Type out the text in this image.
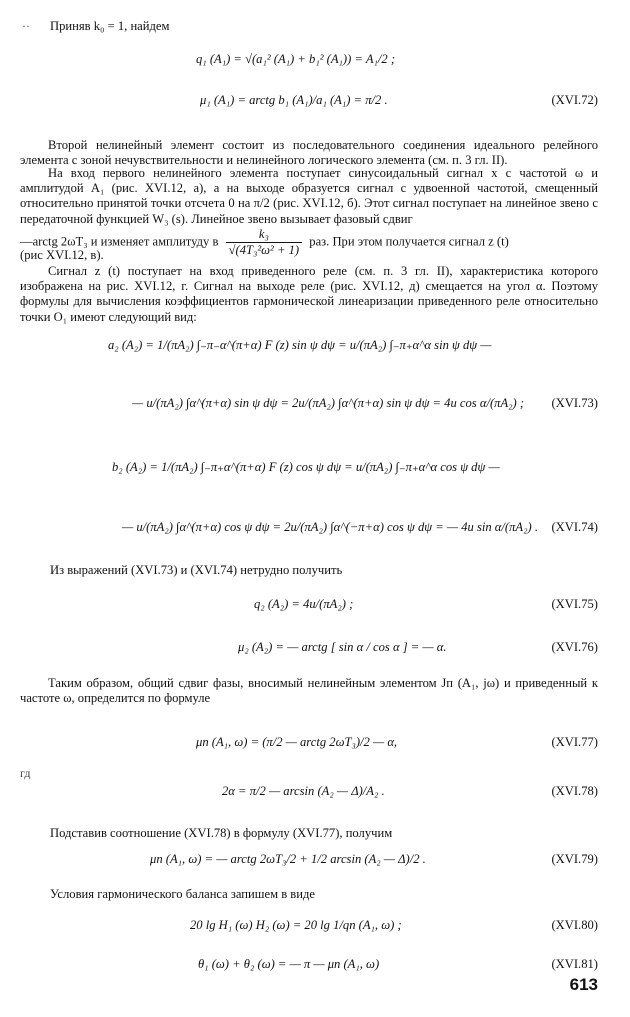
·· Приняв k₀ = 1, найдем
q₁ (A₁) = √(a₁² (A₁) + b₁² (A₁)) = A₁/2 ;
μ₁ (A₁) = arctg b₁ (A₁)/a₁ (A₁) = π/2 .	(XVI.72)
Второй нелинейный элемент состоит из последовательного соединения идеального релейного элемента с зоной нечувствительности и нелинейного логического элемента (см. п. 3 гл. II).
На вход первого нелинейного элемента поступает синусоидальный сигнал x с частотой ω и амплитудой A₁ (рис. XVI.12, а), а на выходе образуется сигнал с удвоенной частотой, смещенный относительно принятой точки отсчета 0 на π/2 (рис. XVI.12, б). Этот сигнал поступает на линейное звено с передаточной функцией W₃ (s). Линейное звено вызывает фазовый сдвиг
—arctg 2ωT₃ и изменяет амплитуду в $\frac{\text{k₃}}{\text{√(4T₃²ω² + 1)}}$ раз. При этом получается сигнал z (t)
(рис XVI.12, в).
Сигнал z (t) поступает на вход приведенного реле (см. п. 3 гл. II), характеристика которого изображена на рис. XVI.12, г. Сигнал на выходе реле (рис. XVI.12, д) смещается на угол α. Поэтому формулы для вычисления коэффициентов гармонической линеаризации приведенного реле относительно точки O₁ имеют следующий вид:
a₂ (A₂) = 1/(πA₂) ∫₋π₋α^(π+α) F (z) sin ψ dψ = u/(πA₂) ∫₋π₊α^α sin ψ dψ —
— u/(πA₂) ∫α^(π+α) sin ψ dψ = 2u/(πA₂) ∫α^(π+α) sin ψ dψ = 4u cos α/(πA₂) ; (XVI.73)
b₂ (A₂) = 1/(πA₂) ∫₋π₊α^(π+α) F (z) cos ψ dψ = u/(πA₂) ∫₋π₊α^α cos ψ dψ —
— u/(πA₂) ∫α^(π+α) cos ψ dψ = 2u/(πA₂) ∫α^(−π+α) cos ψ dψ = — 4u sin α/(πA₂) . (XVI.74)
Из выражений (XVI.73) и (XVI.74) нетрудно получить
q₂ (A₂) = 4u/(πA₂) ;	(XVI.75)
μ₂ (A₂) = — arctg [ sin α / cos α ] = — α.	(XVI.76)
Таким образом, общий сдвиг фазы, вносимый нелинейным элементом Jп (A₁, jω) и приведенный к частоте ω, определится по формуле
μп (A₁, ω) = (π/2 — arctg 2ωT₃)/2 — α,	(XVI.77)
гд
2α = π/2 — arcsin (A₂ — Δ)/A₂ .	(XVI.78)
Подставив соотношение (XVI.78) в формулу (XVI.77), получим
μп (A₁, ω) = — arctg 2ωT₃/2 + 1/2 arcsin (A₂ — Δ)/2 .	(XVI.79)
Условия гармонического баланса запишем в виде
20 lg H₁ (ω) H₂ (ω) = 20 lg 1/qп (A₁, ω) ;	(XVI.80)
θ₁ (ω) + θ₂ (ω) = — π — μп (A₁, ω)	(XVI.81)
613
